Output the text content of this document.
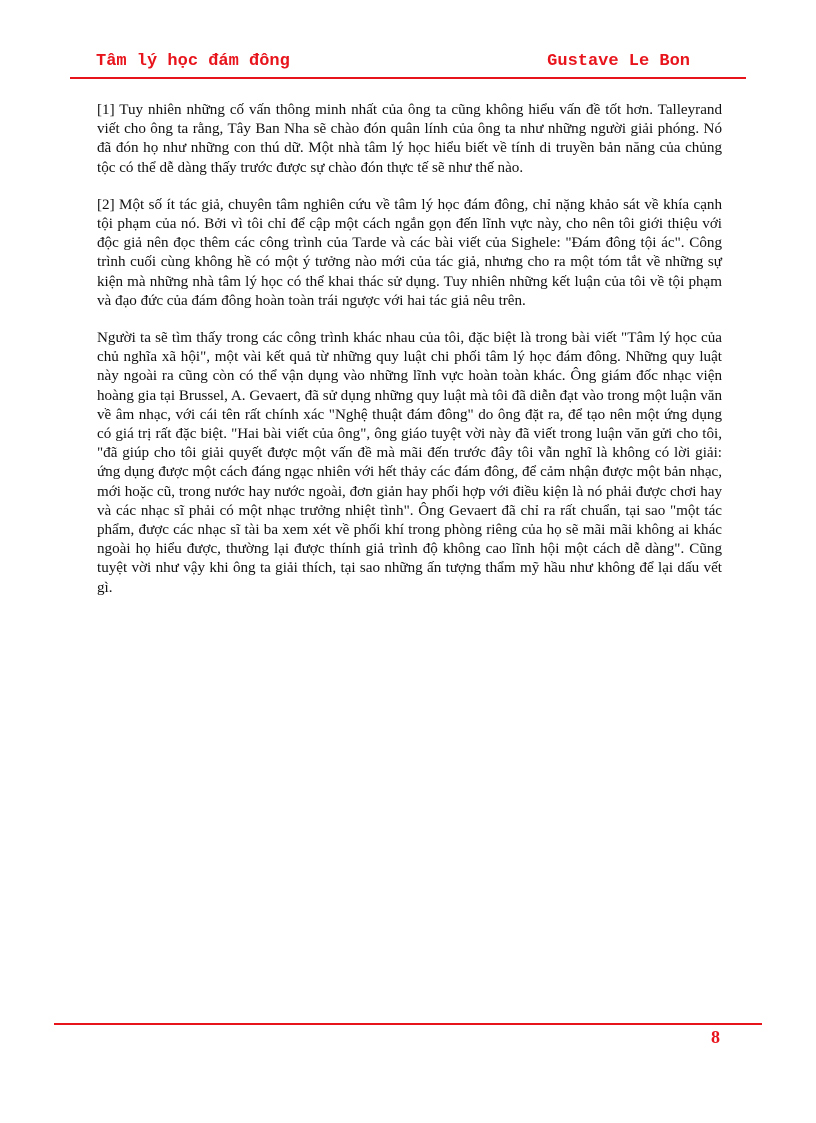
Tâm lý học đám đông	Gustave Le Bon

[1] Tuy nhiên những cố vấn thông minh nhất của ông ta cũng không hiểu vấn đề tốt hơn. Talleyrand viết cho ông ta rằng, Tây Ban Nha sẽ chào đón quân lính của ông ta như những người giải phóng. Nó đã đón họ như những con thú dữ. Một nhà tâm lý học hiểu biết về tính di truyền bản năng của chủng tộc có thể dễ dàng thấy trước được sự chào đón thực tế sẽ như thế nào.

[2] Một số ít tác giả, chuyên tâm nghiên cứu về tâm lý học đám đông, chỉ nặng khảo sát về khía cạnh tội phạm của nó. Bởi vì tôi chỉ để cập một cách ngắn gọn đến lĩnh vực này, cho nên tôi giới thiệu với độc giả nên đọc thêm các công trình của Tarde và các bài viết của Sighele: "Đám đông tội ác". Công trình cuối cùng không hề có một ý tưởng nào mới của tác giả, nhưng cho ra một tóm tắt về những sự kiện mà những nhà tâm lý học có thể khai thác sử dụng. Tuy nhiên những kết luận của tôi về tội phạm và đạo đức của đám đông hoàn toàn trái ngược với hai tác giả nêu trên.

Người ta sẽ tìm thấy trong các công trình khác nhau của tôi, đặc biệt là trong bài viết "Tâm lý học của chủ nghĩa xã hội", một vài kết quả từ những quy luật chi phối tâm lý học đám đông. Những quy luật này ngoài ra cũng còn có thể vận dụng vào những lĩnh vực hoàn toàn khác. Ông giám đốc nhạc viện hoàng gia tại Brussel, A. Gevaert, đã sử dụng những quy luật mà tôi đã diễn đạt vào trong một luận văn về âm nhạc, với cái tên rất chính xác "Nghệ thuật đám đông" do ông đặt ra, để tạo nên một ứng dụng có giá trị rất đặc biệt. "Hai bài viết của ông", ông giáo tuyệt vời này đã viết trong luận văn gửi cho tôi, "đã giúp cho tôi giải quyết được một vấn đề mà mãi đến trước đây tôi vẫn nghĩ là không có lời giải: ứng dụng được một cách đáng ngạc nhiên với hết thảy các đám đông, để cảm nhận được một bản nhạc, mới hoặc cũ, trong nước hay nước ngoài, đơn giản hay phối hợp với điều kiện là nó phải được chơi hay và các nhạc sĩ phải có một nhạc trưởng nhiệt tình". Ông Gevaert đã chỉ ra rất chuẩn, tại sao "một tác phẩm, được các nhạc sĩ tài ba xem xét về phối khí trong phòng riêng của họ sẽ mãi mãi không ai khác ngoài họ hiểu được, thường lại được thính giả trình độ không cao lĩnh hội một cách dễ dàng". Cũng tuyệt vời như vậy khi ông ta giải thích, tại sao những ấn tượng thẩm mỹ hầu như không để lại dấu vết gì.

8
